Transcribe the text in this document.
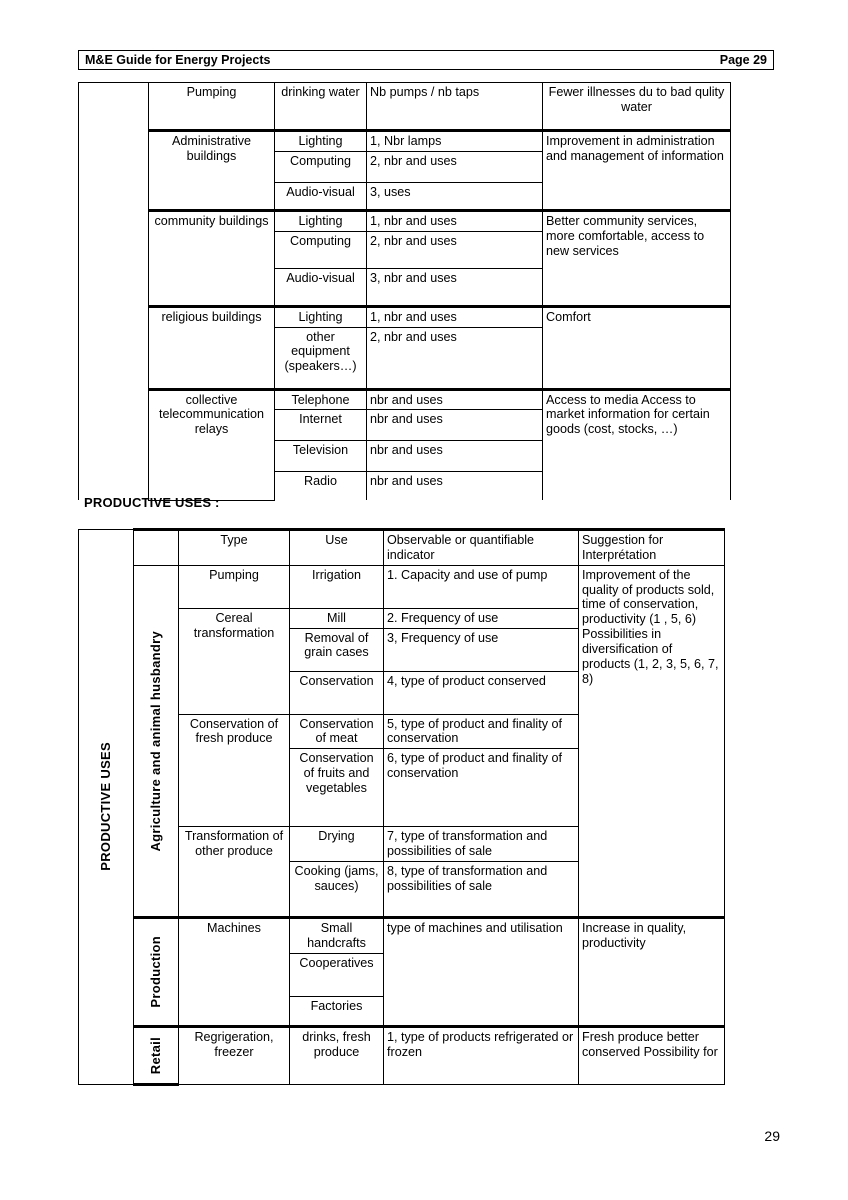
M&E Guide for Energy Projects	Page 29
	Pumping	drinking water	Nb pumps / nb taps	Fewer illnesses du to bad qulity water
	Administrative buildings	Lighting	1, Nbr lamps	Improvement in administration and management of information
		Computing	2, nbr and uses	
		Audio-visual	3, uses	
	community buildings	Lighting	1, nbr and uses	Better community services, more comfortable, access to new services
		Computing	2, nbr and uses	
		Audio-visual	3, nbr and uses	
	religious buildings	Lighting	1, nbr and uses	Comfort
		other equipment (speakers…)	2, nbr and uses	
	collective telecommunication relays	Telephone	nbr and uses	Access to media Access to market information for certain goods (cost, stocks, …)
		Internet	nbr and uses	
		Television	nbr and uses	
		Radio	nbr and uses	
PRODUCTIVE USES :
PRODUCTIVE USES		Type	Use	Observable or quantifiable indicator	Suggestion for Interprétation

	Agriculture and animal husbandry	Pumping	Irrigation	1. Capacity and use of pump	Improvement of the quality of products sold, time of conservation, productivity (1 , 5, 6) Possibilities in diversification of products (1, 2, 3, 5, 6, 7, 8)
		Cereal transformation	Mill	2. Frequency of use	
			Removal of grain cases	3, Frequency of use	
			Conservation	4, type of product conserved	
		Conservation of fresh produce	Conservation of meat	5, type of product and finality of conservation	
			Conservation of fruits and vegetables	6, type of product and finality of conservation	
		Transformation of other produce	Drying	7, type of transformation and possibilities of sale	
			Cooking (jams, sauces)	8, type of transformation and possibilities of sale	

	Production	Machines	Small handcrafts	type of machines and utilisation	Increase in quality, productivity
			Cooperatives		
			Factories		

	Retail	Regrigeration, freezer	drinks, fresh produce	1, type of products refrigerated or frozen	Fresh produce better conserved Possibility for
29
